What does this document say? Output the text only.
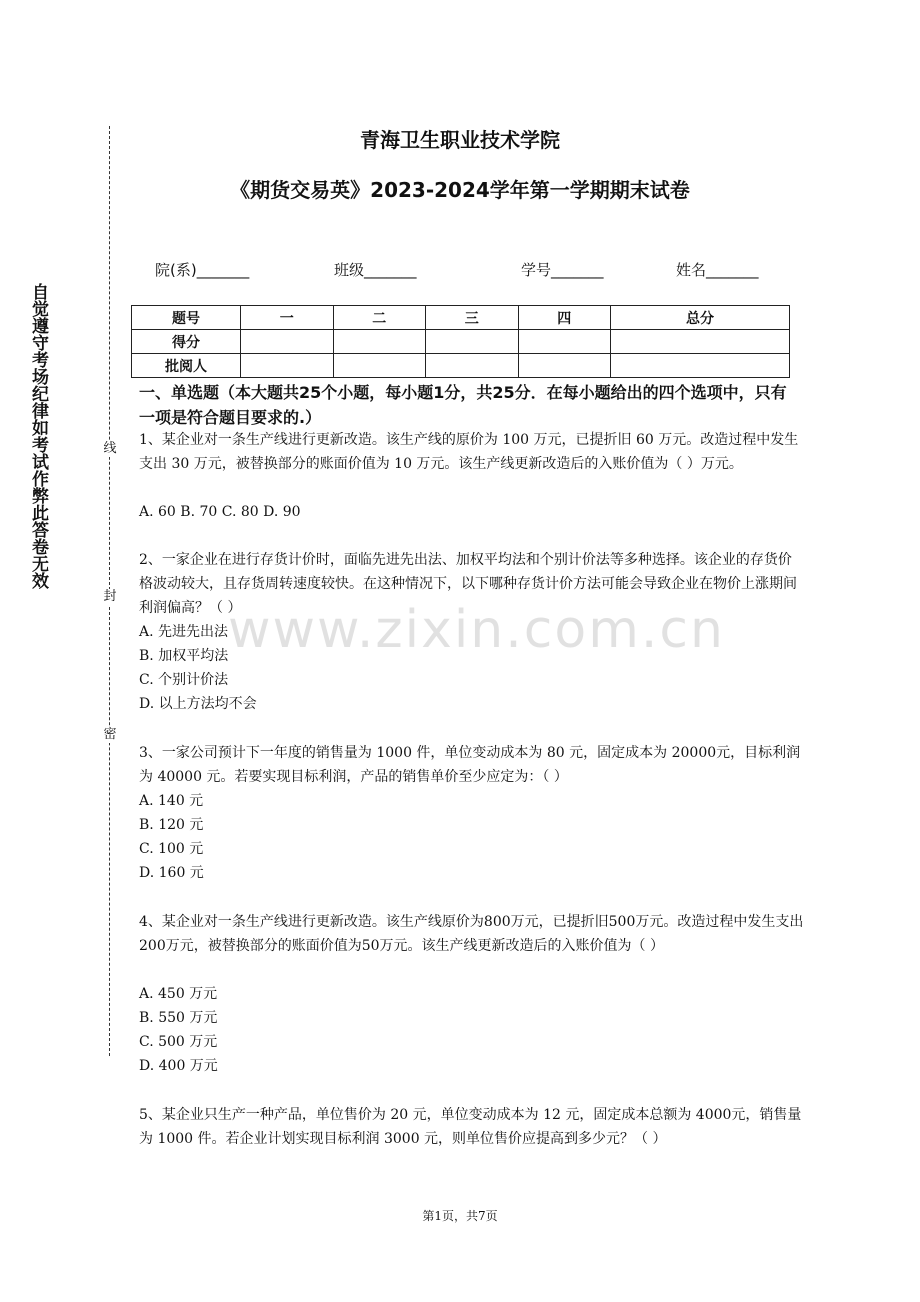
自觉遵守考场纪律如考试作弊此答卷无效	线
封
密
青海卫生职业技术学院
《期货交易英》2023-2024学年第一学期期末试卷
院(系)_______	班级_______	学号_______	姓名_______
题号	一	二	三	四	总分
得分					
批阅人					
一、单选题（本大题共25个小题，每小题1分，共25分．在每小题给出的四个选项中，只有一项是符合题目要求的.）
www.zixin.com.cn
1、某企业对一条生产线进行更新改造。该生产线的原价为 100 万元，已提折旧 60 万元。改造过程中发生支出 30 万元，被替换部分的账面价值为 10 万元。该生产线更新改造后的入账价值为（ ）万元。
A. 60 B. 70 C. 80 D. 90
2、一家企业在进行存货计价时，面临先进先出法、加权平均法和个别计价法等多种选择。该企业的存货价格波动较大，且存货周转速度较快。在这种情况下，以下哪种存货计价方法可能会导致企业在物价上涨期间利润偏高？（ ）
A. 先进先出法
B. 加权平均法
C. 个别计价法
D. 以上方法均不会
3、一家公司预计下一年度的销售量为 1000 件，单位变动成本为 80 元，固定成本为 20000元，目标利润为 40000 元。若要实现目标利润，产品的销售单价至少应定为：（ ）
A. 140 元
B. 120 元
C. 100 元
D. 160 元
4、某企业对一条生产线进行更新改造。该生产线原价为800万元，已提折旧500万元。改造过程中发生支出200万元，被替换部分的账面价值为50万元。该生产线更新改造后的入账价值为（ ）
A. 450 万元
B. 550 万元
C. 500 万元
D. 400 万元
5、某企业只生产一种产品，单位售价为 20 元，单位变动成本为 12 元，固定成本总额为 4000元，销售量为 1000 件。若企业计划实现目标利润 3000 元，则单位售价应提高到多少元？（ ）
第1页，共7页
